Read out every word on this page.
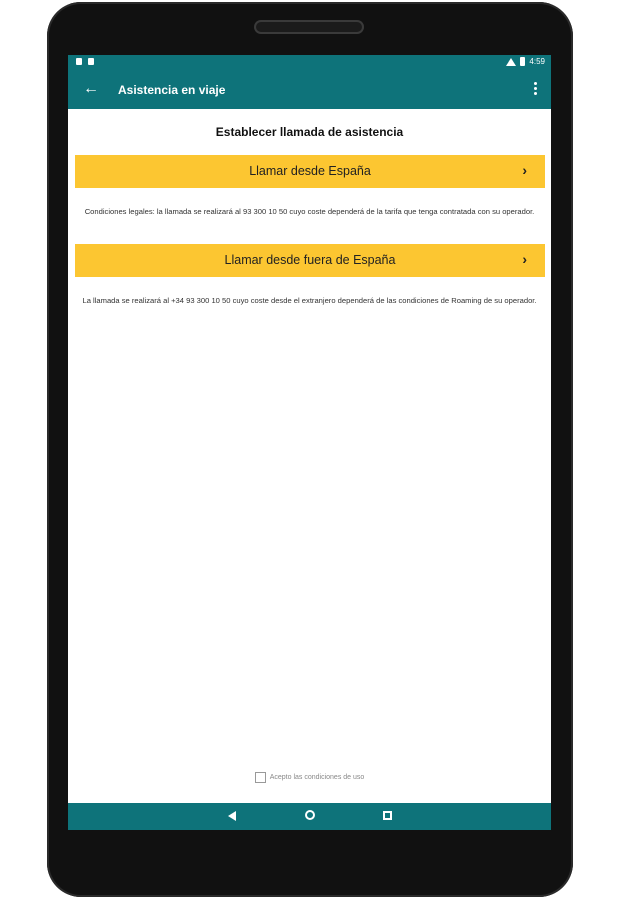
4:59
← Asistencia en viaje
Establecer llamada de asistencia
Llamar desde España	›
Condiciones legales: la llamada se realizará al 93 300 10 50 cuyo coste dependerá de la tarifa que tenga contratada con su operador.
Llamar desde fuera de España	›
La llamada se realizará al +34 93 300 10 50 cuyo coste desde el extranjero dependerá de las condiciones de Roaming de su operador.
Acepto las condiciones de uso
